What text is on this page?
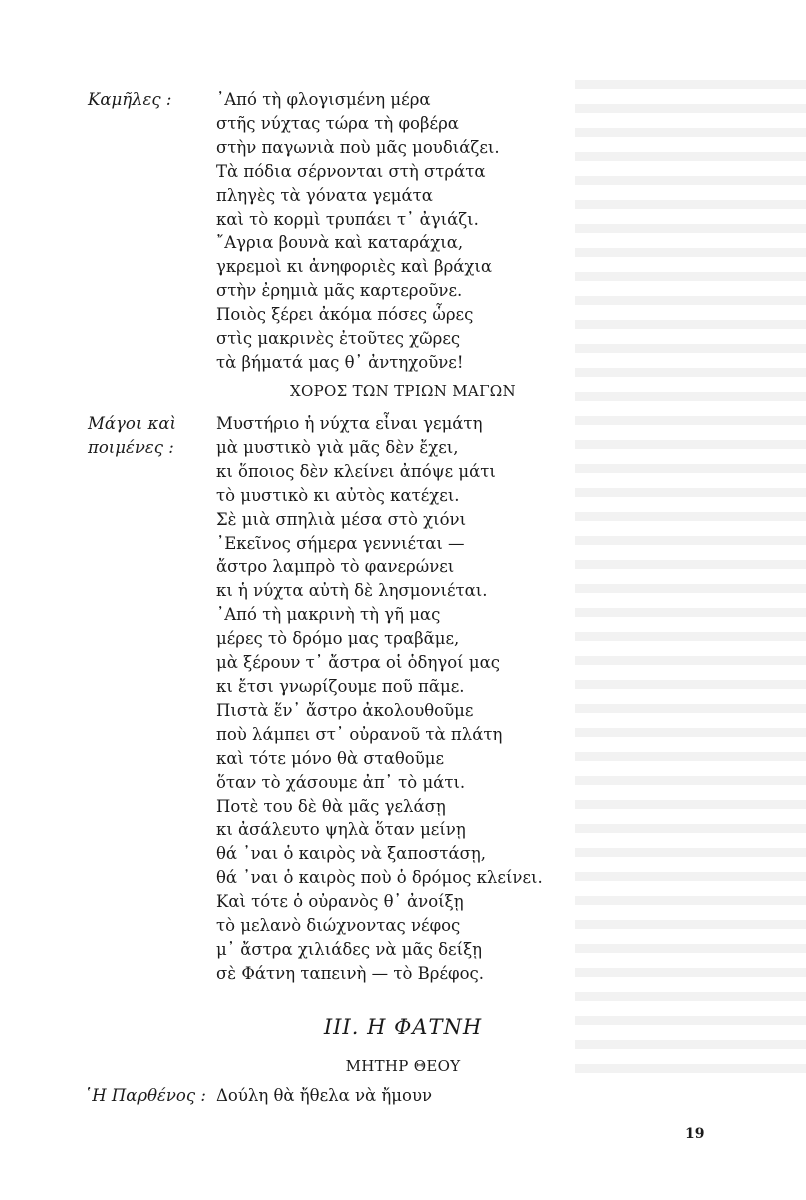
Καμῆλες :	᾿Από τὴ φλογισμένη μέρα
στῆς νύχτας τώρα τὴ φοβέρα
στὴν παγωνιὰ ποὺ μᾶς μουδιάζει.
Τὰ πόδια σέρνονται στὴ στράτα
πληγὲς τὰ γόνατα γεμάτα
καὶ τὸ κορμὶ τρυπάει τ᾿ ἀγιάζι.
῎Αγρια βουνὰ καὶ καταράχια,
γκρεμοὶ κι ἀνηφοριὲς καὶ βράχια
στὴν ἐρημιὰ μᾶς καρτεροῦνε.
Ποιὸς ξέρει ἀκόμα πόσες ὧρες
στὶς μακρινὲς ἐτοῦτες χῶρες
τὰ βήματά μας θ᾿ ἀντηχοῦνε!
ΧΟΡΟΣ ΤΩΝ ΤΡΙΩΝ ΜΑΓΩΝ
Μάγοι καὶ
ποιμένες :
Μυστήριο ἡ νύχτα εἶναι γεμάτη
μὰ μυστικὸ γιὰ μᾶς δὲν ἔχει,
κι ὅποιος δὲν κλείνει ἀπόψε μάτι
τὸ μυστικὸ κι αὐτὸς κατέχει.
Σὲ μιὰ σπηλιὰ μέσα στὸ χιόνι
᾿Εκεῖνος σήμερα γεννιέται —
ἄστρο λαμπρὸ τὸ φανερώνει
κι ἡ νύχτα αὐτὴ δὲ λησμονιέται.
᾿Από τὴ μακρινὴ τὴ γῆ μας
μέρες τὸ δρόμο μας τραβᾶμε,
μὰ ξέρουν τ᾿ ἄστρα οἱ ὁδηγοί μας
κι ἔτσι γνωρίζουμε ποῦ πᾶμε.
Πιστὰ ἕν᾿ ἄστρο ἀκολουθοῦμε
ποὺ λάμπει στ᾿ οὐρανοῦ τὰ πλάτη
καὶ τότε μόνο θὰ σταθοῦμε
ὅταν τὸ χάσουμε ἀπ᾿ τὸ μάτι.
Ποτὲ του δὲ θὰ μᾶς γελάσῃ
κι ἀσάλευτο ψηλὰ ὅταν μείνῃ
θά ᾿ναι ὁ καιρὸς νὰ ξαποστάσῃ,
θά ᾿ναι ὁ καιρὸς ποὺ ὁ δρόμος κλείνει.
Καὶ τότε ὁ οὐρανὸς θ᾿ ἀνοίξῃ
τὸ μελανὸ διώχνοντας νέφος
μ᾿ ἄστρα χιλιάδες νὰ μᾶς δείξῃ
σὲ Φάτνη ταπεινὴ — τὸ Βρέφος.
ΙΙΙ. Η ΦΑΤΝΗ
ΜΗΤΗΡ ΘΕΟΥ
῾Η Παρθένος : Δούλη θὰ ἤθελα νὰ ἤμουν
19
